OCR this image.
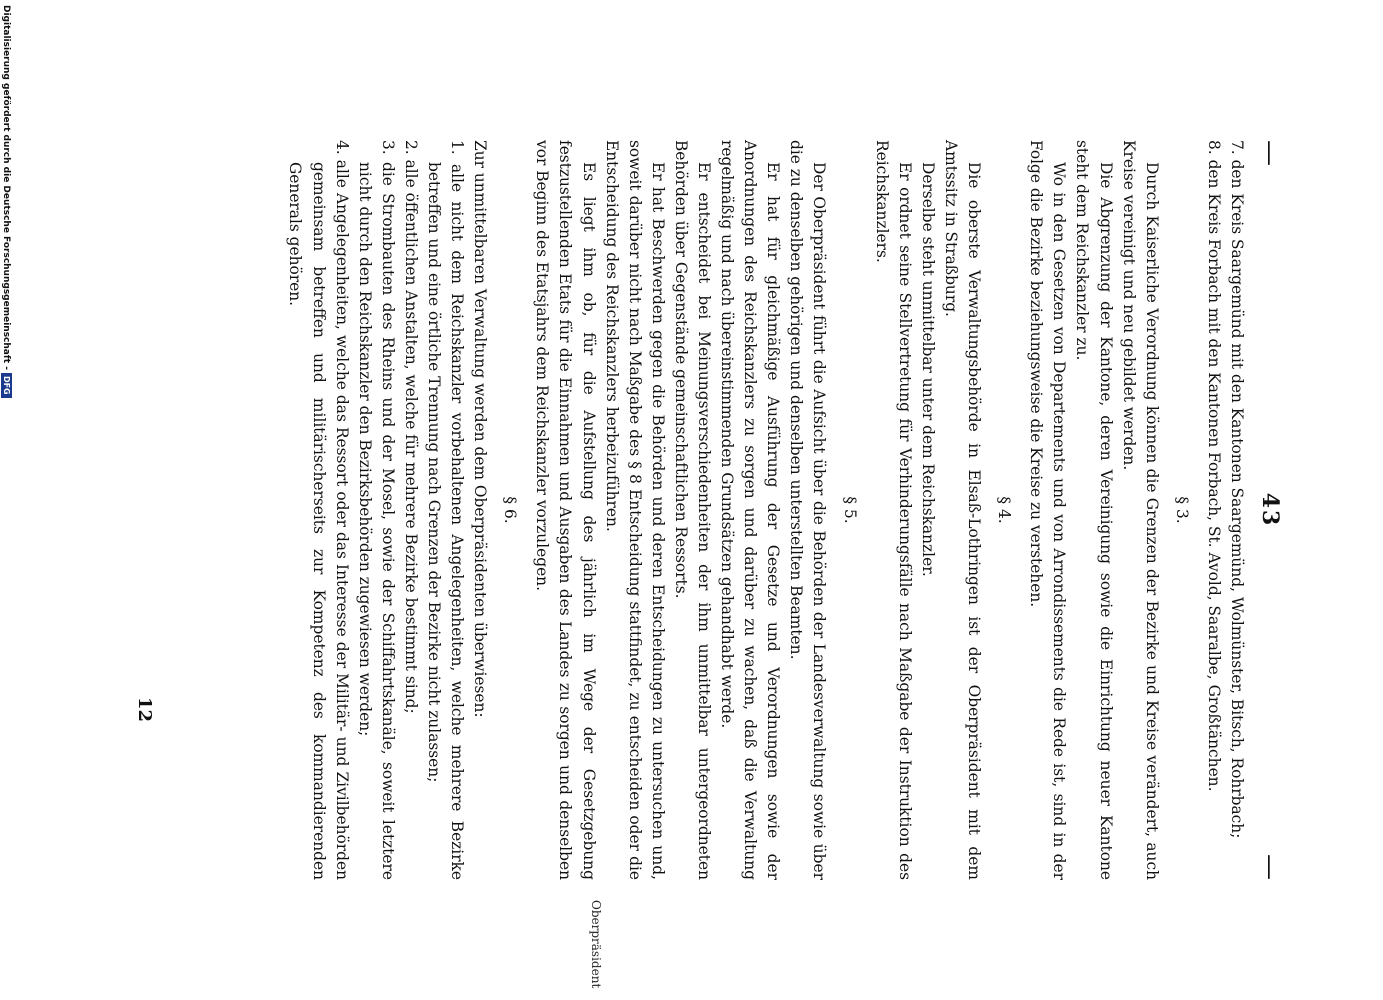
—
43
—

7. den Kreis Saargemünd mit den Kantonen Saargemünd, Wolmünster, Bitsch, Rohrbach;

8. den Kreis Forbach mit den Kantonen Forbach, St. Avold, Saaralbe, Großtänchen.

§ 3.

Durch Kaiserliche Verordnung können die Grenzen der Bezirke und Kreise verändert, auch Kreise vereinigt und neu gebildet werden.

Die Abgrenzung der Kantone, deren Vereinigung sowie die Einrichtung neuer Kantone steht dem Reichskanzler zu.

Wo in den Gesetzen von Departements und von Arrondissements die Rede ist, sind in der Folge die Bezirke beziehungsweise die Kreise zu verstehen.

§ 4.

Die oberste Verwaltungsbehörde in Elsaß-Lothringen ist der Oberpräsident mit dem Amtssitz in Straßburg.

Derselbe steht unmittelbar unter dem Reichskanzler.

Er ordnet seine Stellvertretung für Verhinderungsfälle nach Maßgabe der Instruktion des Reichskanzlers.

§ 5.

Der Oberpräsident führt die Aufsicht über die Behörden der Landesverwaltung sowie über die zu denselben gehörigen und denselben unterstellten Beamten.

Er hat für gleichmäßige Ausführung der Gesetze und Verordnungen sowie der Anordnungen des Reichskanzlers zu sorgen und darüber zu wachen, daß die Verwaltung regelmäßig und nach übereinstimmenden Grundsätzen gehandhabt werde.

Er entscheidet bei Meinungsverschiedenheiten der ihm unmittelbar untergeordneten Behörden über Gegenstände gemeinschaftlichen Ressorts.

Er hat Beschwerden gegen die Behörden und deren Entscheidungen zu untersuchen und, soweit darüber nicht nach Maßgabe des § 8 Entscheidung stattfindet, zu entscheiden oder die Entscheidung des Reichskanzlers herbeizuführen.

Es liegt ihm ob, für die Aufstellung des jährlich im Wege der Gesetzgebung festzustellenden Etats für die Einnahmen und Ausgaben des Landes zu sorgen und denselben vor Beginn des Etatsjahrs dem Reichskanzler vorzulegen.

§ 6.

Zur unmittelbaren Verwaltung werden dem Oberpräsidenten überwiesen:

1. alle nicht dem Reichskanzler vorbehaltenen Angelegenheiten, welche mehrere Bezirke betreffen und eine örtliche Trennung nach Grenzen der Bezirke nicht zulassen;

2. alle öffentlichen Anstalten, welche für mehrere Bezirke bestimmt sind;

3. die Strombauten des Rheins und der Mosel, sowie der Schiffahrtskanäle, soweit letztere nicht durch den Reichskanzler den Bezirksbehörden zugewiesen werden;

4. alle Angelegenheiten, welche das Ressort oder das Interesse der Militär- und Zivilbehörden gemeinsam betreffen und militärischerseits zur Kompetenz des kommandierenden Generals gehören.

Oberpräsident
12
Digitalisierung gefördert durch die Deutsche Forschungsgemeinschaft -
DFG
